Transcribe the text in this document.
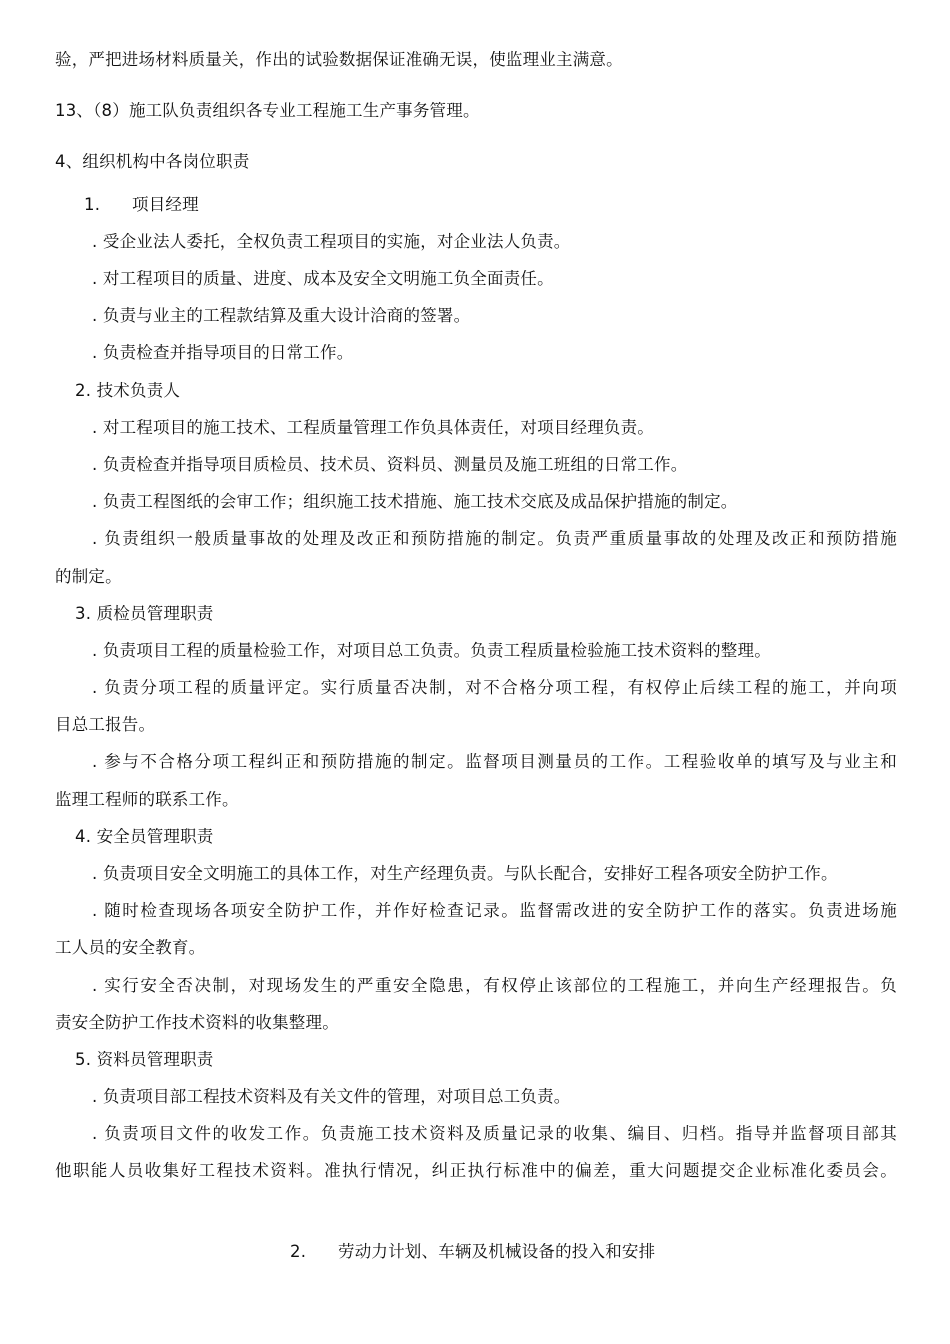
验，严把进场材料质量关，作出的试验数据保证准确无误，使监理业主满意。
13、（8）施工队负责组织各专业工程施工生产事务管理。
4、组织机构中各岗位职责
1. 项目经理
. 受企业法人委托，全权负责工程项目的实施，对企业法人负责。
. 对工程项目的质量、进度、成本及安全文明施工负全面责任。
. 负责与业主的工程款结算及重大设计洽商的签署。
. 负责检查并指导项目的日常工作。
2. 技术负责人
. 对工程项目的施工技术、工程质量管理工作负具体责任，对项目经理负责。
. 负责检查并指导项目质检员、技术员、资料员、测量员及施工班组的日常工作。
. 负责工程图纸的会审工作；组织施工技术措施、施工技术交底及成品保护措施的制定。
. 负责组织一般质量事故的处理及改正和预防措施的制定。负责严重质量事故的处理及改正和预防措施
的制定。
3. 质检员管理职责
. 负责项目工程的质量检验工作，对项目总工负责。负责工程质量检验施工技术资料的整理。
. 负责分项工程的质量评定。实行质量否决制，对不合格分项工程，有权停止后续工程的施工，并向项
目总工报告。
. 参与不合格分项工程纠正和预防措施的制定。监督项目测量员的工作。工程验收单的填写及与业主和
监理工程师的联系工作。
4. 安全员管理职责
. 负责项目安全文明施工的具体工作，对生产经理负责。与队长配合，安排好工程各项安全防护工作。
. 随时检查现场各项安全防护工作，并作好检查记录。监督需改进的安全防护工作的落实。负责进场施
工人员的安全教育。
. 实行安全否决制，对现场发生的严重安全隐患，有权停止该部位的工程施工，并向生产经理报告。负
责安全防护工作技术资料的收集整理。
5. 资料员管理职责
. 负责项目部工程技术资料及有关文件的管理，对项目总工负责。
. 负责项目文件的收发工作。负责施工技术资料及质量记录的收集、编目、归档。指导并监督项目部其
他职能人员收集好工程技术资料。准执行情况，纠正执行标准中的偏差，重大问题提交企业标准化委员会。
2. 劳动力计划、车辆及机械设备的投入和安排
